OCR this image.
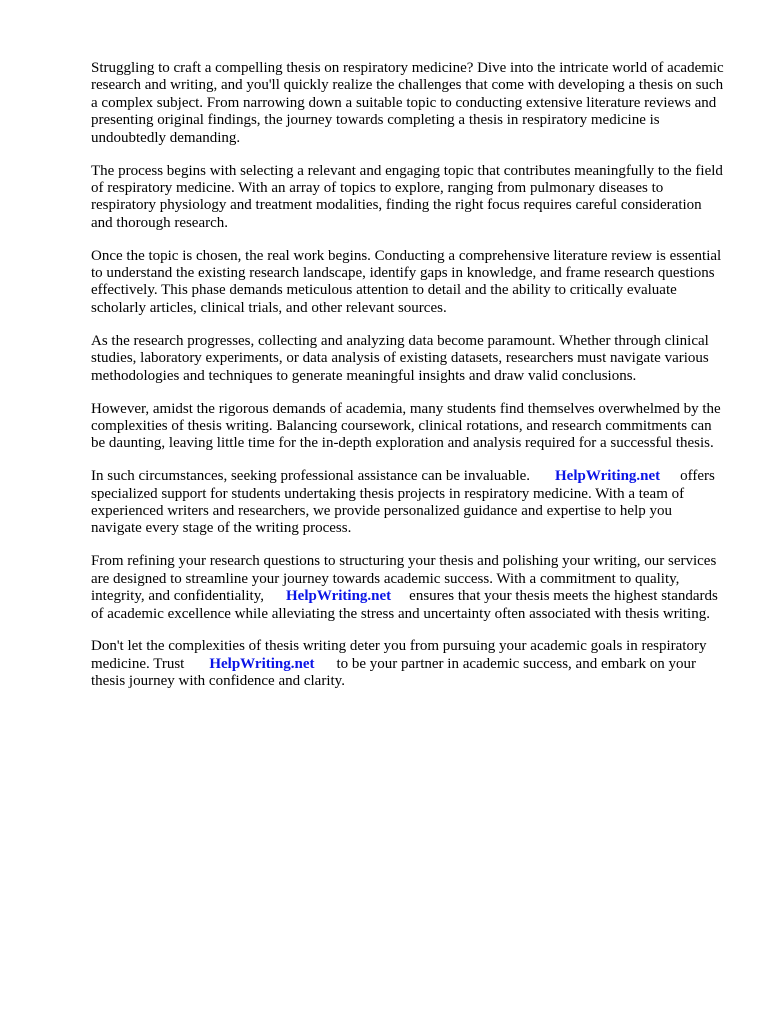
Struggling to craft a compelling thesis on respiratory medicine? Dive into the intricate world of academic research and writing, and you'll quickly realize the challenges that come with developing a thesis on such a complex subject. From narrowing down a suitable topic to conducting extensive literature reviews and presenting original findings, the journey towards completing a thesis in respiratory medicine is undoubtedly demanding.

The process begins with selecting a relevant and engaging topic that contributes meaningfully to the field of respiratory medicine. With an array of topics to explore, ranging from pulmonary diseases to respiratory physiology and treatment modalities, finding the right focus requires careful consideration and thorough research.

Once the topic is chosen, the real work begins. Conducting a comprehensive literature review is essential to understand the existing research landscape, identify gaps in knowledge, and frame research questions effectively. This phase demands meticulous attention to detail and the ability to critically evaluate scholarly articles, clinical trials, and other relevant sources.

As the research progresses, collecting and analyzing data become paramount. Whether through clinical studies, laboratory experiments, or data analysis of existing datasets, researchers must navigate various methodologies and techniques to generate meaningful insights and draw valid conclusions.

However, amidst the rigorous demands of academia, many students find themselves overwhelmed by the complexities of thesis writing. Balancing coursework, clinical rotations, and research commitments can be daunting, leaving little time for the in-depth exploration and analysis required for a successful thesis.

In such circumstances, seeking professional assistance can be invaluable. HelpWriting.net offers specialized support for students undertaking thesis projects in respiratory medicine. With a team of experienced writers and researchers, we provide personalized guidance and expertise to help you navigate every stage of the writing process.

From refining your research questions to structuring your thesis and polishing your writing, our services are designed to streamline your journey towards academic success. With a commitment to quality, integrity, and confidentiality, HelpWriting.net ensures that your thesis meets the highest standards of academic excellence while alleviating the stress and uncertainty often associated with thesis writing.

Don't let the complexities of thesis writing deter you from pursuing your academic goals in respiratory medicine. Trust HelpWriting.net to be your partner in academic success, and embark on your thesis journey with confidence and clarity.
